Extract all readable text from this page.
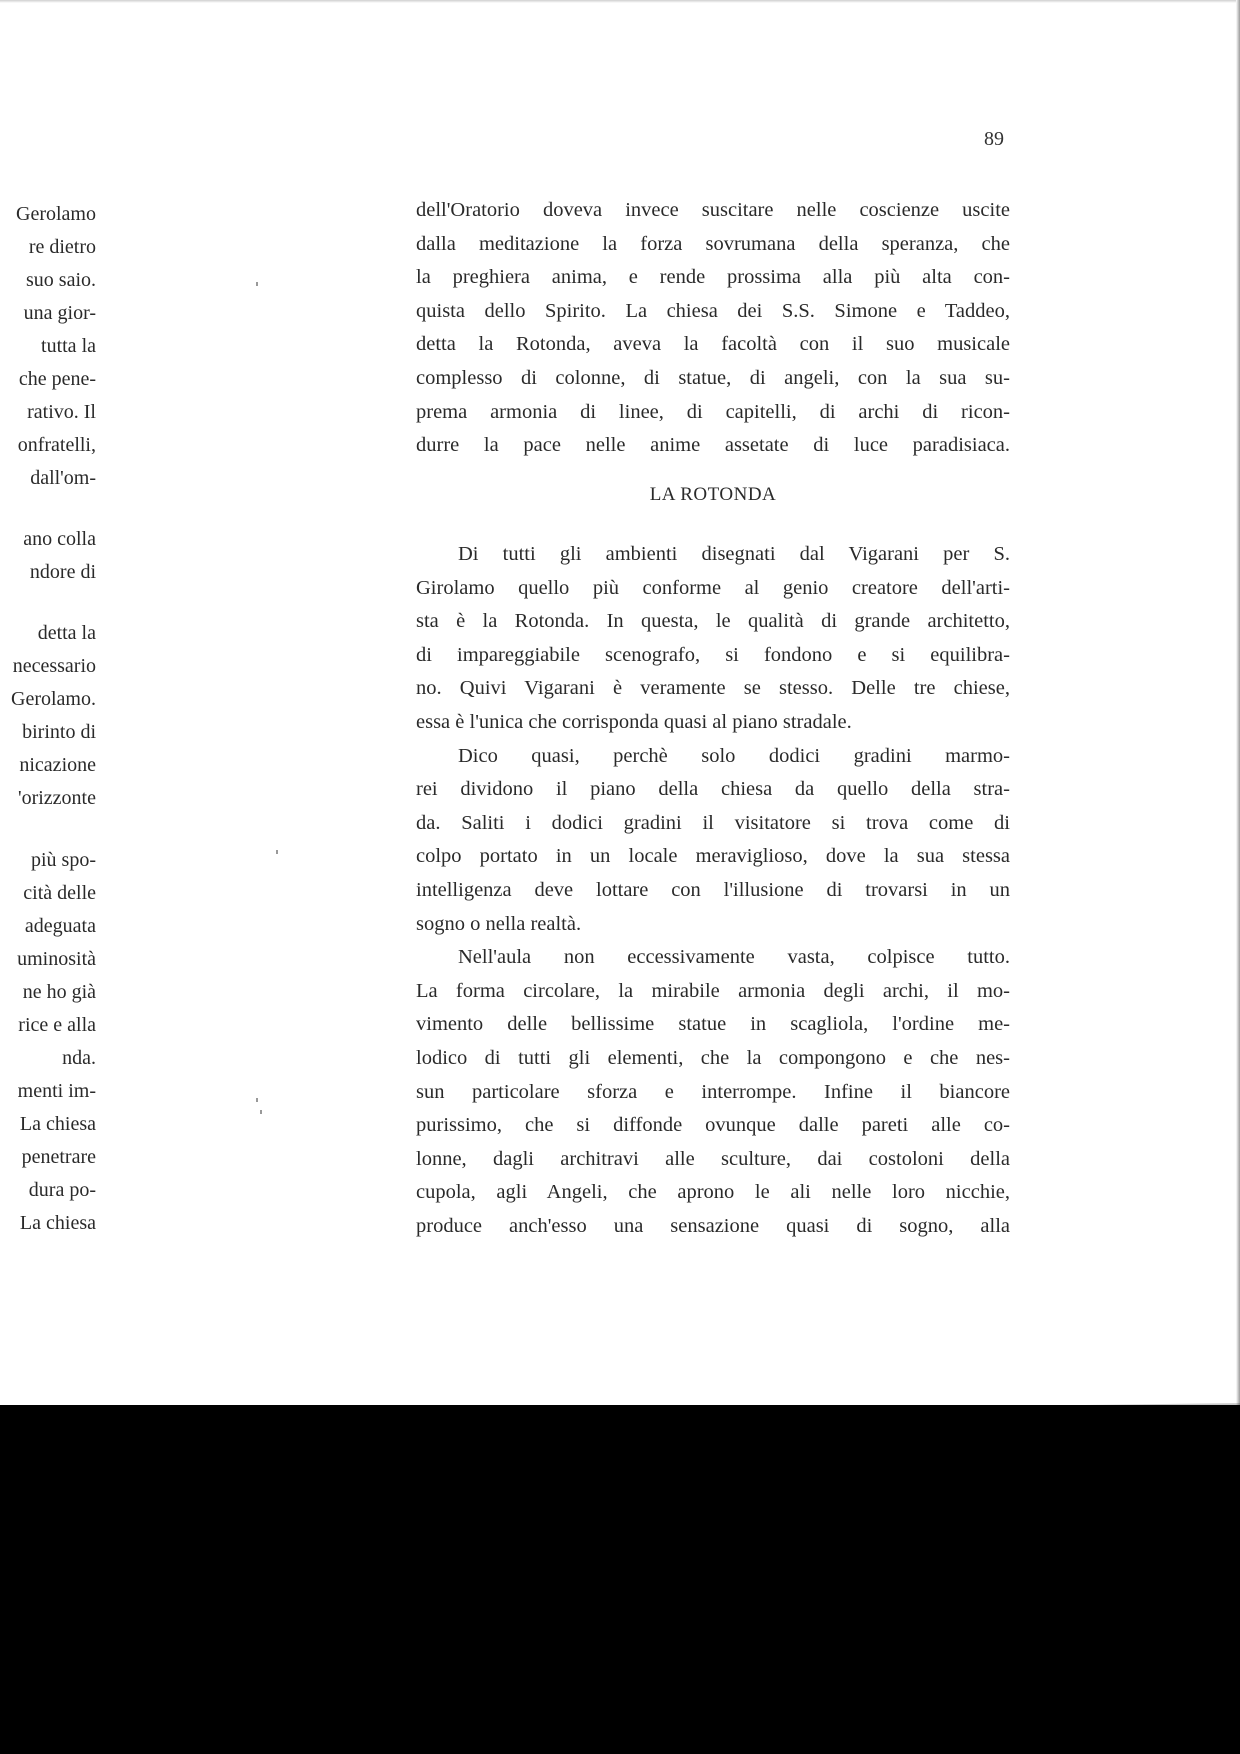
89
Gerolamo
re dietro
suo saio.
una gior-
tutta la
che pene-
rativo. Il
onfratelli,
dall'om-
ano colla
ndore di
detta la
necessario
Gerolamo.
birinto di
nicazione
'orizzonte
più spo-
cità delle
adeguata
uminosità
ne ho già
rice e alla
nda.
menti im-
La chiesa
penetrare
dura po-
La chiesa
dell'Oratorio doveva invece suscitare nelle coscienze uscite
dalla meditazione la forza sovrumana della speranza, che
la preghiera anima, e rende prossima alla più alta con-
quista dello Spirito. La chiesa dei S.S. Simone e Taddeo,
detta la Rotonda, aveva la facoltà con il suo musicale
complesso di colonne, di statue, di angeli, con la sua su-
prema armonia di linee, di capitelli, di archi di ricon-
durre la pace nelle anime assetate di luce paradisiaca.
LA ROTONDA
Di tutti gli ambienti disegnati dal Vigarani per S.
Girolamo quello più conforme al genio creatore dell'arti-
sta è la Rotonda. In questa, le qualità di grande architetto,
di impareggiabile scenografo, si fondono e si equilibra-
no. Quivi Vigarani è veramente se stesso. Delle tre chiese,
essa è l'unica che corrisponda quasi al piano stradale.
Dico quasi, perchè solo dodici gradini marmo-
rei dividono il piano della chiesa da quello della stra-
da. Saliti i dodici gradini il visitatore si trova come di
colpo portato in un locale meraviglioso, dove la sua stessa
intelligenza deve lottare con l'illusione di trovarsi in un
sogno o nella realtà.
Nell'aula non eccessivamente vasta, colpisce tutto.
La forma circolare, la mirabile armonia degli archi, il mo-
vimento delle bellissime statue in scagliola, l'ordine me-
lodico di tutti gli elementi, che la compongono e che nes-
sun particolare sforza e interrompe. Infine il biancore
purissimo, che si diffonde ovunque dalle pareti alle co-
lonne, dagli architravi alle sculture, dai costoloni della
cupola, agli Angeli, che aprono le ali nelle loro nicchie,
produce anch'esso una sensazione quasi di sogno, alla
